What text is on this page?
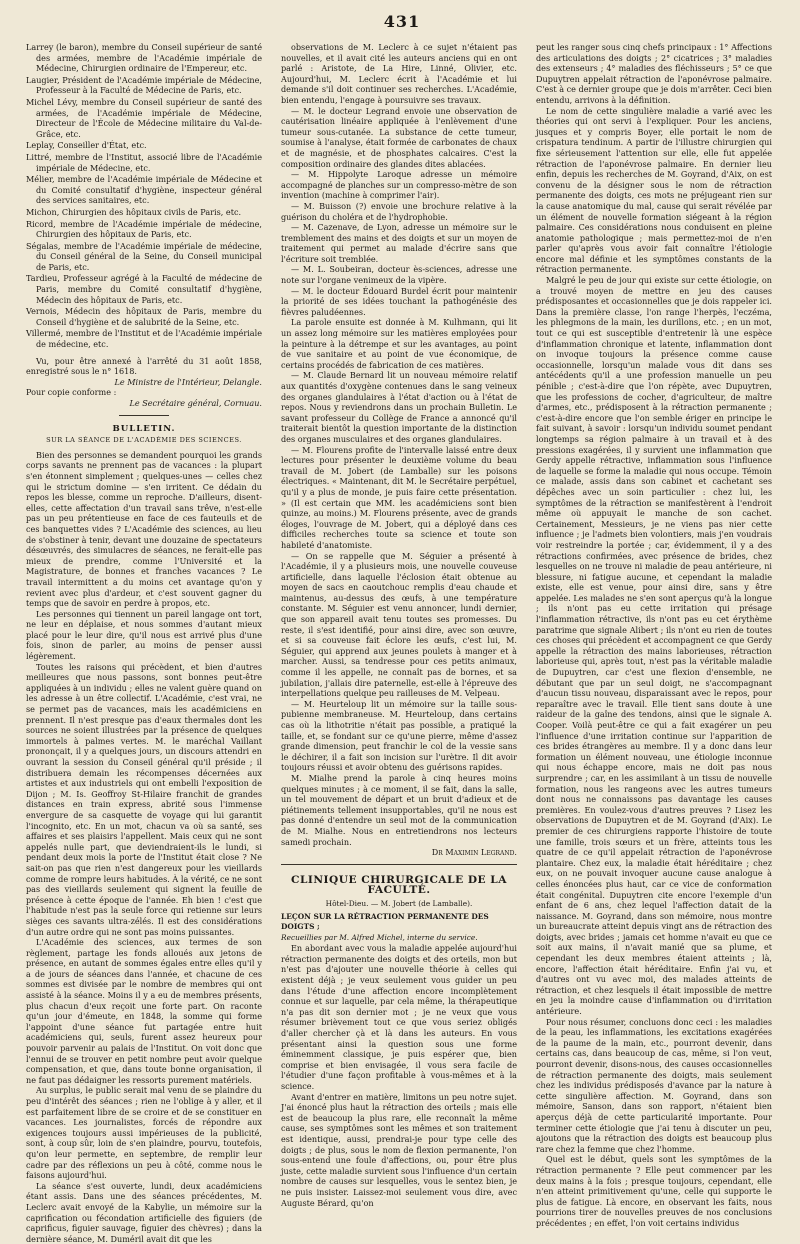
431

Larrey (le baron), membre du Conseil supérieur de santé des armées, membre de l'Académie impériale de Médecine, Chirurgien ordinaire de l'Empereur, etc.

Laugier, Président de l'Académie impériale de Médecine, Professeur à la Faculté de Médecine de Paris, etc.

Michel Lévy, membre du Conseil supérieur de santé des armées, de l'Académie impériale de Médecine, Directeur de l'École de Médecine militaire du Val-de-Grâce, etc.

Leplay, Conseiller d'État, etc.

Littré, membre de l'Institut, associé libre de l'Académie impériale de Médecine, etc.

Mélier, membre de l'Académie impériale de Médecine et du Comité consultatif d'hygiène, inspecteur général des services sanitaires, etc.

Michon, Chirurgien des hôpitaux civils de Paris, etc.

Ricord, membre de l'Académie impériale de médecine, Chirurgien des hôpitaux de Paris, etc.

Ségalas, membre de l'Académie impériale de médecine, du Conseil général de la Seine, du Conseil municipal de Paris, etc.

Tardieu, Professeur agrégé à la Faculté de médecine de Paris, membre du Comité consultatif d'hygiène, Médecin des hôpitaux de Paris, etc.

Vernois, Médecin des hôpitaux de Paris, membre du Conseil d'hygiène et de salubrité de la Seine, etc.

Villermé, membre de l'Institut et de l'Académie impériale de médecine, etc.

Vu, pour être annexé à l'arrêté du 31 août 1858, enregistré sous le n° 1618.

Le Ministre de l'Intérieur, Delangle.

Pour copie conforme :

Le Secrétaire général, Cornuau.

BULLETIN.
SUR LA SÉANCE DE L'ACADÉMIE DES SCIENCES.

Bien des personnes se demandent pourquoi les grands corps savants ne prennent pas de vacances : la plupart s'en étonnent simplement ; quelques-unes — celles chez qui le strictum domine — s'en irritent. Ce dédain du repos les blesse, comme un reproche. D'ailleurs, disent-elles, cette affectation d'un travail sans trêve, n'est-elle pas un peu prétentieuse en face de ces fauteuils et de ces banquettes vides ? L'Académie des sciences, au lieu de s'obstiner à tenir, devant une douzaine de spectateurs désœuvrés, des simulacres de séances, ne ferait-elle pas mieux de prendre, comme l'Université et la Magistrature, de bonnes et franches vacances ? Le travail intermittent a du moins cet avantage qu'on y revient avec plus d'ardeur, et c'est souvent gagner du temps que de savoir en perdre à propos, etc.

Les personnes qui tiennent un pareil langage ont tort, ne leur en déplaise, et nous sommes d'autant mieux placé pour le leur dire, qu'il nous est arrivé plus d'une fois, sinon de parler, au moins de penser aussi légèrement.

Toutes les raisons qui précèdent, et bien d'autres meilleures que nous passons, sont bonnes peut-être appliquées à un individu ; elles ne valent guère quand on les adresse à un être collectif. L'Académie, c'est vrai, ne se permet pas de vacances, mais les académiciens en prennent. Il n'est presque pas d'eaux thermales dont les sources ne soient illustrées par la présence de quelques immortels à palmes vertes. M. le maréchal Vaillant prononçait, il y a quelques jours, un discours attendri en ouvrant la session du Conseil général qu'il préside ; il distribuera demain les récompenses décernées aux artistes et aux industriels qui ont embelli l'exposition de Dijon ; M. Is. Geoffroy St-Hilaire franchit de grandes distances en train express, abrité sous l'immense envergure de sa casquette de voyage qui lui garantit l'incognito, etc. En un mot, chacun va où sa santé, ses affaires et ses plaisirs l'appellent. Mais ceux qui ne sont appelés nulle part, que deviendraient-ils le lundi, si pendant deux mois la porte de l'Institut était close ? Ne sait-on pas que rien n'est dangereux pour les vieillards comme de rompre leurs habitudes. À la vérité, ce ne sont pas des vieillards seulement qui signent la feuille de présence à cette époque de l'année. Eh bien ! c'est que l'habitude n'est pas la seule force qui retienne sur leurs sièges ces savants ultra-zélés. Il est des considérations d'un autre ordre qui ne sont pas moins puissantes.

L'Académie des sciences, aux termes de son règlement, partage les fonds alloués aux jetons de présence, en autant de sommes égales entre elles qu'il y a de jours de séances dans l'année, et chacune de ces sommes est divisée par le nombre de membres qui ont assisté à la séance. Moins il y a eu de membres présents, plus chacun d'eux reçoit une forte part. On raconte qu'un jour d'émeute, en 1848, la somme qui forme l'appoint d'une séance fut partagée entre huit académiciens qui, seuls, furent assez heureux pour pouvoir parvenir au palais de l'Institut. On voit donc que l'ennui de se trouver en petit nombre peut avoir quelque compensation, et que, dans toute bonne organisation, il ne faut pas dédaigner les ressorts purement matériels.

Au surplus, le public serait mal venu de se plaindre du peu d'intérêt des séances ; rien ne l'oblige à y aller, et il est parfaitement libre de se croire et de se constituer en vacances. Les journalistes, forcés de répondre aux exigences toujours aussi impérieuses de la publicité, sont, à coup sûr, loin de s'en plaindre, pourvu, toutefois, qu'on leur permette, en septembre, de remplir leur cadre par des réflexions un peu à côté, comme nous le faisons aujourd'hui.

La séance s'est ouverte, lundi, deux académiciens étant assis. Dans une des séances précédentes, M. Leclerc avait envoyé de la Kabylie, un mémoire sur la caprification ou fécondation artificielle des figuiers (de caprificus, figuier sauvage, figuier des chèvres) ; dans la dernière séance, M. Duméril avait dit que les

observations de M. Leclerc à ce sujet n'étaient pas nouvelles, et il avait cité les auteurs anciens qui en ont parlé : Aristote, de La Hire, Linné, Olivier, etc. Aujourd'hui, M. Leclerc écrit à l'Académie et lui demande s'il doit continuer ses recherches. L'Académie, bien entendu, l'engage à poursuivre ses travaux.

— M. le docteur Legrand envoie une observation de cautérisation linéaire appliquée à l'enlèvement d'une tumeur sous-cutanée. La substance de cette tumeur, soumise à l'analyse, était formée de carbonates de chaux et de magnésie, et de phosphates calcaires. C'est la composition ordinaire des glandes dites ablacées.

— M. Hippolyte Laroque adresse un mémoire accompagné de planches sur un compresso-mètre de son invention (machine à comprimer l'air).

— M. Buisson (?) envoie une brochure relative à la guérison du choléra et de l'hydrophobie.

— M. Cazenave, de Lyon, adresse un mémoire sur le tremblement des mains et des doigts et sur un moyen de traitement qui permet au malade d'écrire sans que l'écriture soit tremblée.

— M. L. Soubeiran, docteur ès-sciences, adresse une note sur l'organe venimeux de la vipère.

— M. le docteur Édouard Burdel écrit pour maintenir la priorité de ses idées touchant la pathogénésie des fièvres paludéennes.

La parole ensuite est donnée à M. Kulhmann, qui lit un assez long mémoire sur les matières employées pour la peinture à la détrempe et sur les avantages, au point de vue sanitaire et au point de vue économique, de certains procédés de fabrication de ces matières.

— M. Claude Bernard lit un nouveau mémoire relatif aux quantités d'oxygène contenues dans le sang veineux des organes glandulaires à l'état d'action ou à l'état de repos. Nous y reviendrons dans un prochain Bulletin. Le savant professeur du Collège de France a annoncé qu'il traiterait bientôt la question importante de la distinction des organes musculaires et des organes glandulaires.

— M. Flourens profite de l'intervalle laissé entre deux lectures pour présenter le deuxième volume du beau travail de M. Jobert (de Lamballe) sur les poisons électriques. « Maintenant, dit M. le Secrétaire perpétuel, qu'il y a plus de monde, je puis faire cette présentation. » (Il est certain que MM. les académiciens sont bien quinze, au moins.) M. Flourens présente, avec de grands éloges, l'ouvrage de M. Jobert, qui a déployé dans ces difficiles recherches toute sa science et toute son habileté d'anatomiste.

— On se rappelle que M. Séguier a présenté à l'Académie, il y a plusieurs mois, une nouvelle couveuse artificielle, dans laquelle l'éclosion était obtenue au moyen de sacs en caoutchouc remplis d'eau chaude et maintenus, au-dessus des œufs, à une température constante. M. Séguier est venu annoncer, lundi dernier, que son appareil avait tenu toutes ses promesses. Du reste, il s'est identifié, pour ainsi dire, avec son œuvre, et si sa couveuse fait éclore les œufs, c'est lui, M. Séguier, qui apprend aux jeunes poulets à manger et à marcher. Aussi, sa tendresse pour ces petits animaux, comme il les appelle, ne connaît pas de bornes, et sa jubilation, j'allais dire paternelle, est-elle à l'épreuve des interpellations quelque peu railleuses de M. Velpeau.

— M. Heurteloup lit un mémoire sur la taille sous-pubienne membraneuse. M. Heurteloup, dans certains cas où la lithotritie n'était pas possible, a pratiqué la taille, et, se fondant sur ce qu'une pierre, même d'assez grande dimension, peut franchir le col de la vessie sans le déchirer, il a fait son incision sur l'urètre. Il dit avoir toujours réussi et avoir obtenu des guérisons rapides.

M. Mialhe prend la parole à cinq heures moins quelques minutes ; à ce moment, il se fait, dans la salle, un tel mouvement de départ et un bruit d'adieux et de piétinements tellement insupportables, qu'il ne nous est pas donné d'entendre un seul mot de la communication de M. Mialhe. Nous en entretiendrons nos lecteurs samedi prochain.

Dr Maximin Legrand.

CLINIQUE CHIRURGICALE DE LA FACULTÉ.
Hôtel-Dieu. — M. Jobert (de Lamballe).

LEÇON SUR LA RÉTRACTION PERMANENTE DES DOIGTS ;

Recueillies par M. Alfred Michel, interne du service.

En abordant avec vous la maladie appelée aujourd'hui rétraction permanente des doigts et des orteils, mon but n'est pas d'ajouter une nouvelle théorie à celles qui existent déjà ; je veux seulement vous guider un peu dans l'étude d'une affection encore incomplètement connue et sur laquelle, par cela même, la thérapeutique n'a pas dit son dernier mot ; je ne veux que vous résumer brièvement tout ce que vous seriez obligés d'aller chercher çà et là dans les auteurs. En vous présentant ainsi la question sous une forme éminemment classique, je puis espérer que, bien comprise et bien envisagée, il vous sera facile de l'étudier d'une façon profitable à vous-mêmes et à la science.

Avant d'entrer en matière, limitons un peu notre sujet. J'ai énoncé plus haut la rétraction des orteils ; mais elle est de beaucoup la plus rare, elle reconnaît la même cause, ses symptômes sont les mêmes et son traitement est identique, aussi, prendrai-je pour type celle des doigts ; de plus, sous le nom de flexion permanente, l'on sous-entend une foule d'affections, ou, pour être plus juste, cette maladie survient sous l'influence d'un certain nombre de causes sur lesquelles, vous le sentez bien, je ne puis insister. Laissez-moi seulement vous dire, avec Auguste Bérard, qu'on

peut les ranger sous cinq chefs principaux : 1° Affections des articulations des doigts ; 2° cicatrices ; 3° maladies des extenseurs ; 4° maladies des fléchisseurs ; 5° ce que Dupuytren appelait rétraction de l'aponévrose palmaire. C'est à ce dernier groupe que je dois m'arrêter. Ceci bien entendu, arrivons à la définition.

Le nom de cette singulière maladie a varié avec les théories qui ont servi à l'expliquer. Pour les anciens, jusques et y compris Boyer, elle portait le nom de crispatura tendinum. A partir de l'illustre chirurgien qui fixe sérieusement l'attention sur elle, elle fut appelée rétraction de l'aponévrose palmaire. En dernier lieu enfin, depuis les recherches de M. Goyrand, d'Aix, on est convenu de la désigner sous le nom de rétraction permanente des doigts, ces mots ne préjugeant rien sur la cause anatomique du mal, cause qui serait révélée par un élément de nouvelle formation siégeant à la région palmaire. Ces considérations nous conduisent en pleine anatomie pathologique ; mais permettez-moi de n'en parler qu'après vous avoir fait connaître l'étiologie encore mal définie et les symptômes constants de la rétraction permanente.

Malgré le peu de jour qui existe sur cette étiologie, on a trouvé moyen de mettre en jeu des causes prédisposantes et occasionnelles que je dois rappeler ici. Dans la première classe, l'on range l'herpès, l'eczéma, les phlegmons de la main, les durillons, etc. ; en un mot, tout ce qui est susceptible d'entretenir là une espèce d'inflammation chronique et latente, inflammation dont on invoque toujours la présence comme cause occasionnelle, lorsqu'un malade vous dit dans ses antécédents qu'il a une profession manuelle un peu pénible ; c'est-à-dire que l'on répète, avec Dupuytren, que les professions de cocher, d'agriculteur, de maître d'armes, etc., prédisposent à la rétraction permanente ; c'est-à-dire encore que l'on semble ériger en principe le fait suivant, à savoir : lorsqu'un individu soumet pendant longtemps sa région palmaire à un travail et à des pressions exagérées, il y survient une inflammation que Gerdy appelle rétractive, inflammation sous l'influence de laquelle se forme la maladie qui nous occupe. Témoin ce malade, assis dans son cabinet et cachetant ses dépêches avec un soin particulier : chez lui, les symptômes de la rétraction se manifestèrent à l'endroit même où appuyait le manche de son cachet. Certainement, Messieurs, je ne viens pas nier cette influence ; je l'admets bien volontiers, mais j'en voudrais voir restreindre la portée ; car, évidemment, il y a des rétractions confirmées, avec présence de brides, chez lesquelles on ne trouve ni maladie de peau antérieure, ni blessure, ni fatigue aucune, et cependant la maladie existe, elle est venue, pour ainsi dire, sans y être appelée. Les malades ne s'en sont aperçus qu'à la longue ; ils n'ont pas eu cette irritation qui présage l'inflammation rétractive, ils n'ont pas eu cet érythème paratrime que signale Alibert ; ils n'ont eu rien de toutes ces choses qui précèdent et accompagnent ce que Gerdy appelle la rétraction des mains laborieuses, rétraction laborieuse qui, après tout, n'est pas la véritable maladie de Dupuytren, car c'est une flexion d'ensemble, ne débutant que par un seul doigt, ne s'accompagnant d'aucun tissu nouveau, disparaissant avec le repos, pour reparaître avec le travail. Elle tient sans doute à une raideur de la gaîne des tendons, ainsi que le signale A. Cooper. Voilà peut-être ce qui a fait exagérer un peu l'influence d'une irritation continue sur l'apparition de ces brides étrangères au membre. Il y a donc dans leur formation un élément nouveau, une étiologie inconnue qui nous échappe encore, mais ne doit pas nous surprendre ; car, en les assimilant à un tissu de nouvelle formation, nous les rangeons avec les autres tumeurs dont nous ne connaissons pas davantage les causes premières. En voulez-vous d'autres preuves ? Lisez les observations de Dupuytren et de M. Goyrand (d'Aix). Le premier de ces chirurgiens rapporte l'histoire de toute une famille, trois sœurs et un frère, atteints tous les quatre de ce qu'il appelait rétraction de l'aponévrose plantaire. Chez eux, la maladie était héréditaire ; chez eux, on ne pouvait invoquer aucune cause analogue à celles énoncées plus haut, car ce vice de conformation était congénital. Dupuytren cite encore l'exemple d'un enfant de 6 ans, chez lequel l'affection datait de la naissance. M. Goyrand, dans son mémoire, nous montre un bureaucrate atteint depuis vingt ans de rétraction des doigts, avec brides ; jamais cet homme n'avait eu que ce soit aux mains, il n'avait manié que sa plume, et cependant les deux membres étaient atteints ; là, encore, l'affection était héréditaire. Enfin j'ai vu, et d'autres ont vu avec moi, des malades atteints de rétraction, et chez lesquels il était impossible de mettre en jeu la moindre cause d'inflammation ou d'irritation antérieure.

Pour nous résumer, concluons donc ceci : les maladies de la peau, les inflammations, les excitations exagérées de la paume de la main, etc., pourront devenir, dans certains cas, dans beaucoup de cas, même, si l'on veut, pourront devenir, disons-nous, des causes occasionnelles de rétraction permanente des doigts, mais seulement chez les individus prédisposés d'avance par la nature à cette singulière affection. M. Goyrand, dans son mémoire, Sanson, dans son rapport, n'étaient bien aperçus déjà de cette particularité importante. Pour terminer cette étiologie que j'ai tenu à discuter un peu, ajoutons que la rétraction des doigts est beaucoup plus rare chez la femme que chez l'homme.

Quel est le début, quels sont les symptômes de la rétraction permanente ? Elle peut commencer par les deux mains à la fois ; presque toujours, cependant, elle n'en atteint primitivement qu'une, celle qui supporte le plus de fatigue. Là encore, en observant les faits, nous pourrions tirer de nouvelles preuves de nos conclusions précédentes ; en effet, l'on voit certains individus
